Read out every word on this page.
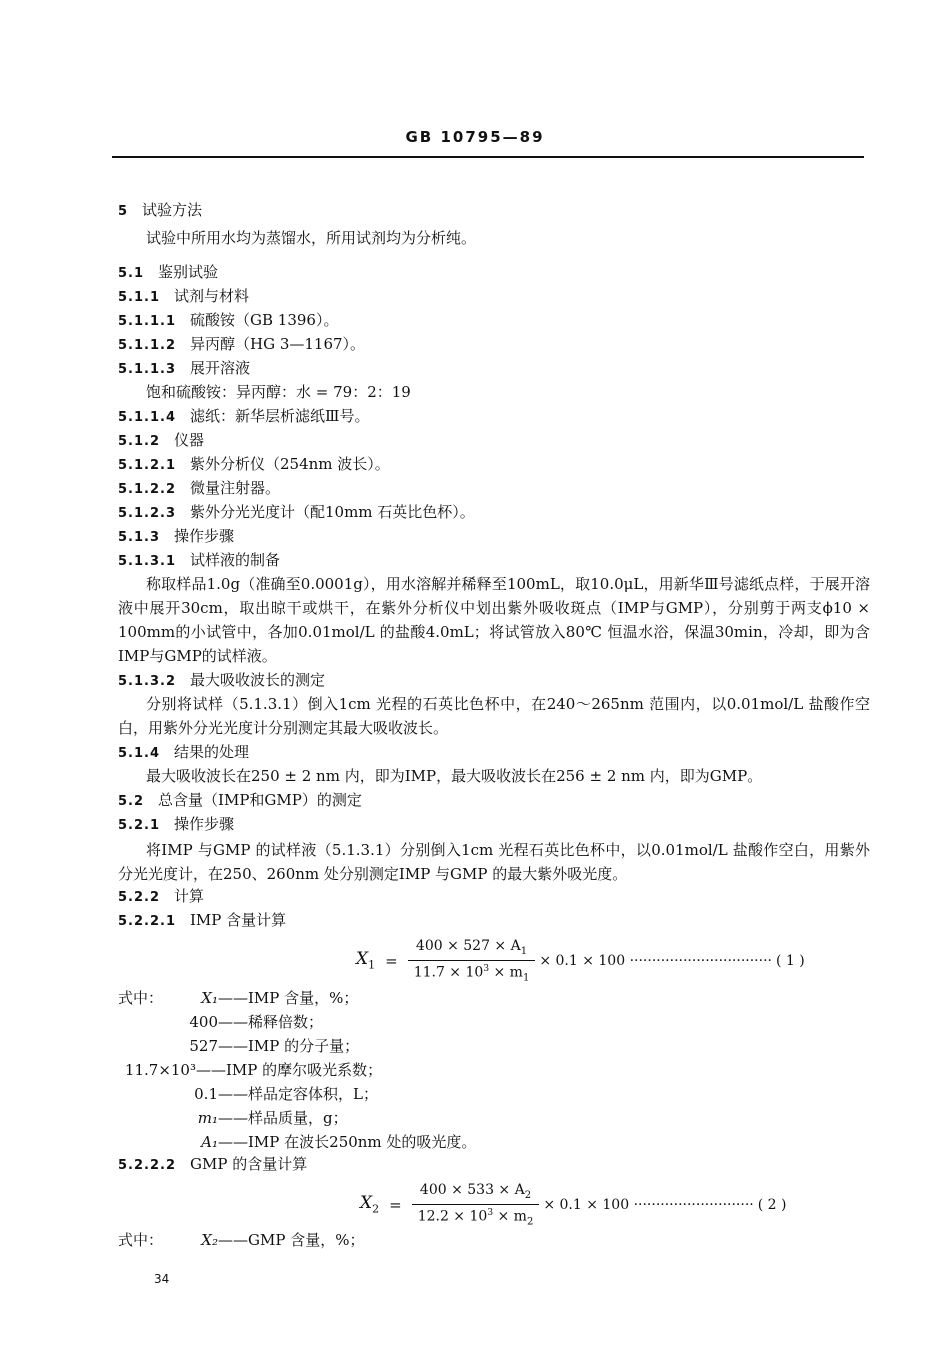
GB 10795—89
5 试验方法
5.1 鉴别试验
5.1.1 试剂与材料
5.1.1.1 硫酸铵（GB 1396）。
5.1.1.2 异丙醇（HG 3—1167）。
5.1.1.3 展开溶液
5.1.1.4 滤纸：新华层析滤纸Ⅲ号。
5.1.2 仪器
5.1.2.1 紫外分析仪（254nm 波长）。
5.1.2.2 微量注射器。
5.1.2.3 紫外分光光度计（配10mm 石英比色杯）。
5.1.3 操作步骤
5.1.3.1 试样液的制备
5.1.3.2 最大吸收波长的测定
5.1.4 结果的处理
5.2 总含量（IMP和GMP）的测定
5.2.1 操作步骤
5.2.2 计算
5.2.2.1 IMP 含量计算
5.2.2.2 GMP 的含量计算

试验中所用水均为蒸馏水，所用试剂均为分析纯。

饱和硫酸铵：异丙醇：水 = 79：2：19

称取样品1.0g（准确至0.0001g），用水溶解并稀释至100mL，取10.0μL，用新华Ⅲ号滤纸点样，于展开溶液中展开30cm，取出晾干或烘干，在紫外分析仪中划出紫外吸收斑点（IMP与GMP），分别剪于两支ϕ10 × 100mm的小试管中，各加0.01mol/L 的盐酸4.0mL；将试管放入80℃ 恒温水浴，保温30min，冷却，即为含IMP与GMP的试样液。

分别将试样（5.1.3.1）倒入1cm 光程的石英比色杯中，在240～265nm 范围内，以0.01mol/L 盐酸作空白，用紫外分光光度计分别测定其最大吸收波长。

最大吸收波长在250 ± 2 nm 内，即为IMP，最大吸收波长在256 ± 2 nm 内，即为GMP。

将IMP 与GMP 的试样液（5.1.3.1）分别倒入1cm 光程石英比色杯中，以0.01mol/L 盐酸作空白，用紫外分光光度计，在250、260nm 处分别测定IMP 与GMP 的最大紫外吸光度。

$X_1 = \frac{400 \times 527 \times A_1}{11.7 \times 10^3 \times m_1} \times 0.1 \times 100$ ································ ( 1 )
式中：	X₁——IMP 含量，%；
400——稀释倍数；
527——IMP 的分子量；
11.7×10³——IMP 的摩尔吸光系数；
0.1——样品定容体积，L；
m₁——样品质量，g；
A₁——IMP 在波长250nm 处的吸光度。
$X_2 = \frac{400 \times 533 \times A_2}{12.2 \times 10^3 \times m_2} \times 0.1 \times 100$ ··························· ( 2 )
式中：	X₂——GMP 含量，%；
34
